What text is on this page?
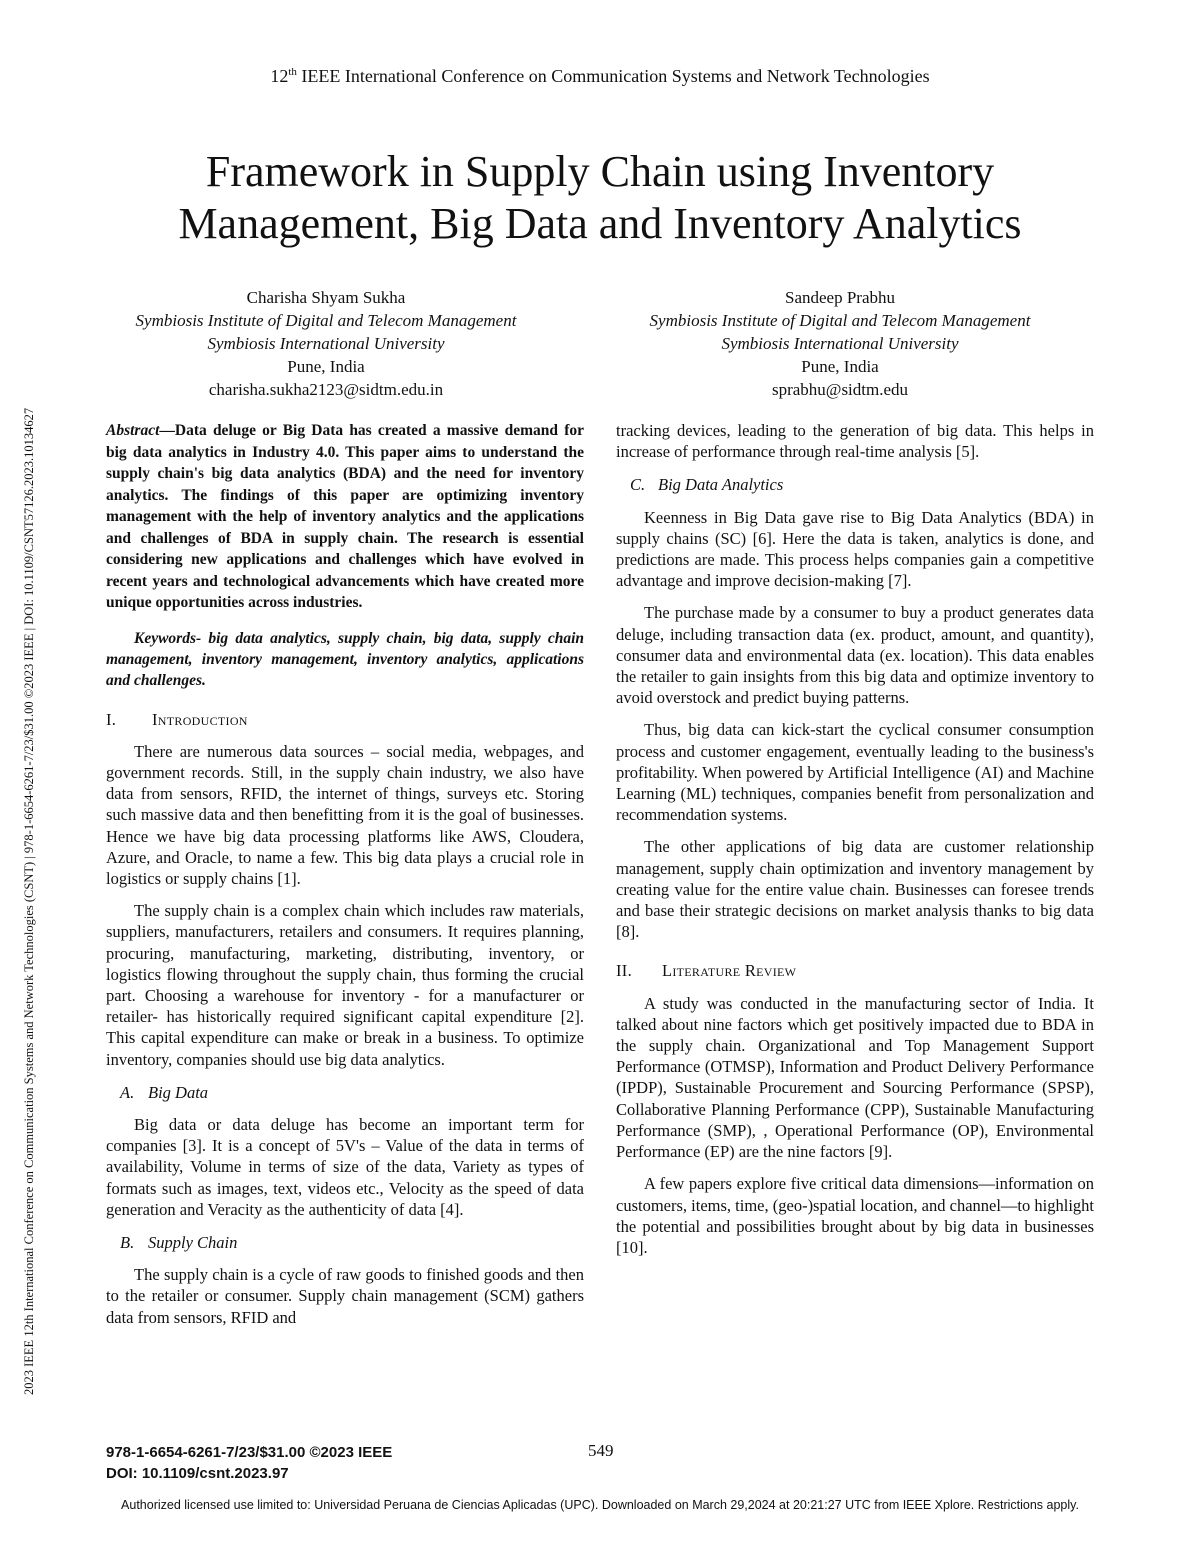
12th IEEE International Conference on Communication Systems and Network Technologies
Framework in Supply Chain using Inventory
Management, Big Data and Inventory Analytics
Charisha Shyam Sukha
Symbiosis Institute of Digital and Telecom Management
Symbiosis International University
Pune, India
charisha.sukha2123@sidtm.edu.in
Sandeep Prabhu
Symbiosis Institute of Digital and Telecom Management
Symbiosis International University
Pune, India
sprabhu@sidtm.edu
2023 IEEE 12th International Conference on Communication Systems and Network Technologies (CSNT) | 978-1-6654-6261-7/23/$31.00 ©2023 IEEE | DOI: 10.1109/CSNT57126.2023.10134627	Abstract—Data deluge or Big Data has created a massive demand for big data analytics in Industry 4.0. This paper aims to understand the supply chain's big data analytics (BDA) and the need for inventory analytics. The findings of this paper are optimizing inventory management with the help of inventory analytics and the applications and challenges of BDA in supply chain. The research is essential considering new applications and challenges which have evolved in recent years and technological advancements which have created more unique opportunities across industries.

Keywords- big data analytics, supply chain, big data, supply chain management, inventory management, inventory analytics, applications and challenges.

I. Introduction

There are numerous data sources – social media, webpages, and government records. Still, in the supply chain industry, we also have data from sensors, RFID, the internet of things, surveys etc. Storing such massive data and then benefitting from it is the goal of businesses. Hence we have big data processing platforms like AWS, Cloudera, Azure, and Oracle, to name a few. This big data plays a crucial role in logistics or supply chains [1].

The supply chain is a complex chain which includes raw materials, suppliers, manufacturers, retailers and consumers. It requires planning, procuring, manufacturing, marketing, distributing, inventory, or logistics flowing throughout the supply chain, thus forming the crucial part. Choosing a warehouse for inventory - for a manufacturer or retailer- has historically required significant capital expenditure [2]. This capital expenditure can make or break in a business. To optimize inventory, companies should use big data analytics.

A. Big Data

Big data or data deluge has become an important term for companies [3]. It is a concept of 5V's – Value of the data in terms of availability, Volume in terms of size of the data, Variety as types of formats such as images, text, videos etc., Velocity as the speed of data generation and Veracity as the authenticity of data [4].

B. Supply Chain

The supply chain is a cycle of raw goods to finished goods and then to the retailer or consumer. Supply chain management (SCM) gathers data from sensors, RFID and

tracking devices, leading to the generation of big data. This helps in increase of performance through real-time analysis [5].

C. Big Data Analytics

Keenness in Big Data gave rise to Big Data Analytics (BDA) in supply chains (SC) [6]. Here the data is taken, analytics is done, and predictions are made. This process helps companies gain a competitive advantage and improve decision-making [7].

The purchase made by a consumer to buy a product generates data deluge, including transaction data (ex. product, amount, and quantity), consumer data and environmental data (ex. location). This data enables the retailer to gain insights from this big data and optimize inventory to avoid overstock and predict buying patterns.

Thus, big data can kick-start the cyclical consumer consumption process and customer engagement, eventually leading to the business's profitability. When powered by Artificial Intelligence (AI) and Machine Learning (ML) techniques, companies benefit from personalization and recommendation systems.

The other applications of big data are customer relationship management, supply chain optimization and inventory management by creating value for the entire value chain. Businesses can foresee trends and base their strategic decisions on market analysis thanks to big data [8].

II. Literature Review

A study was conducted in the manufacturing sector of India. It talked about nine factors which get positively impacted due to BDA in the supply chain. Organizational and Top Management Support Performance (OTMSP), Information and Product Delivery Performance (IPDP), Sustainable Procurement and Sourcing Performance (SPSP), Collaborative Planning Performance (CPP), Sustainable Manufacturing Performance (SMP), , Operational Performance (OP), Environmental Performance (EP) are the nine factors [9].

A few papers explore five critical data dimensions—information on customers, items, time, (geo-)spatial location, and channel—to highlight the potential and possibilities brought about by big data in businesses [10].

978-1-6654-6261-7/23/$31.00 ©2023 IEEE
DOI: 10.1109/csnt.2023.97
549
Authorized licensed use limited to: Universidad Peruana de Ciencias Aplicadas (UPC). Downloaded on March 29,2024 at 20:21:27 UTC from IEEE Xplore. Restrictions apply.
